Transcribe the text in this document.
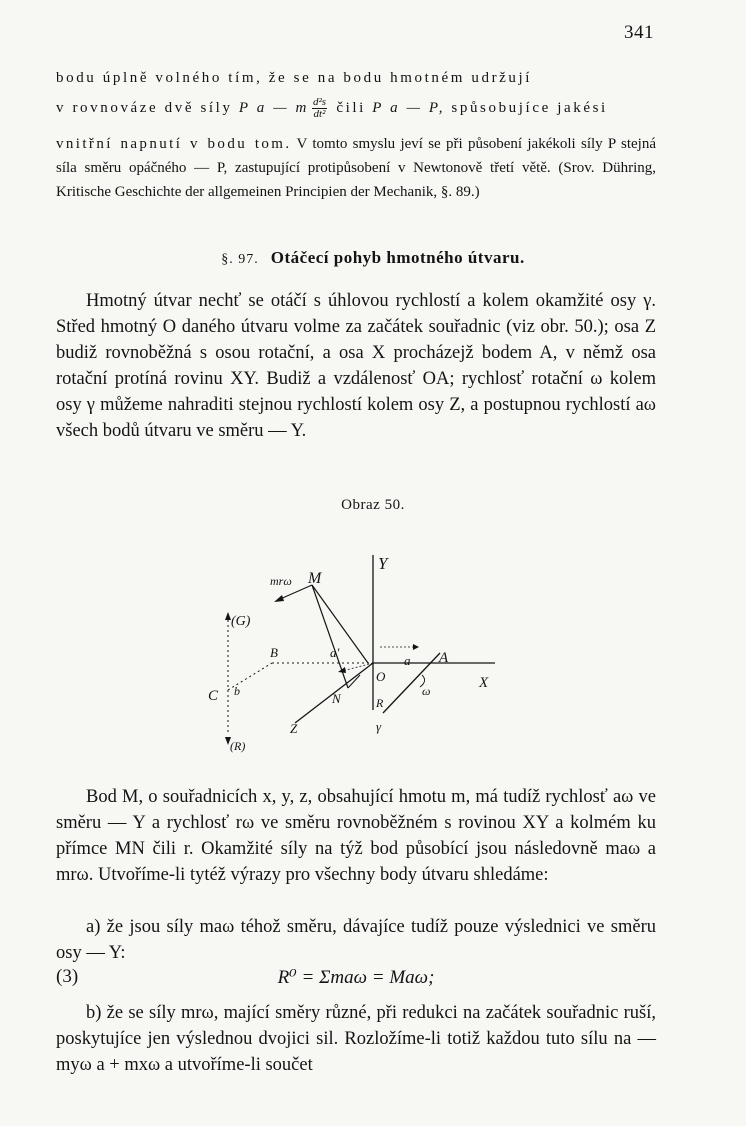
341
bodu úplně volného tím, že se na bodu hmotném udržují
v rovnováze dvě síly P a — m $\frac{\text{d²s}}{\text{dt²}}$ čili P a — P, spůsobujíce jakési

vnitřní napnutí v bodu tom. V tomto smyslu jeví se při působení jakékoli síly P stejná síla směru opáčného — P, zastupující protipůsobení v Newtonově třetí větě. (Srov. Dühring, Kritische Geschichte der allgemeinen Principien der Mechanik, §. 89.)

§. 97. Otáčecí pohyb hmotného útvaru.

Hmotný útvar nechť se otáčí s úhlovou rychlostí a kolem okamžité osy γ. Střed hmotný O daného útvaru volme za začátek souřadnic (viz obr. 50.); osa Z budiž rovnoběžná s osou rotační, a osa X procházejž bodem A, v němž osa rotační protíná rovinu XY. Budiž a vzdálenosť OA; rychlosť rotační ω kolem osy γ můžeme nahraditi stejnou rychlostí kolem osy Z, a postupnou rychlostí aω všech bodů útvaru ve směru — Y.

Obraz 50.
Y
mrω M
(G)
B	a'
a A
O	X
C b	N	R
ω
Z	γ
(R)

Bod M, o souřadnicích x, y, z, obsahující hmotu m, má tudíž rychlosť aω ve směru — Y a rychlosť rω ve směru rovnoběžném s rovinou XY a kolmém ku přímce MN čili r. Okamžité síly na týž bod působící jsou následovně maω a mrω. Utvoříme-li tytéž výrazy pro všechny body útvaru shledáme:

a) že jsou síly maω téhož směru, dávajíce tudíž pouze výslednici ve směru osy — Y:

(3)	R⁰ = Σmaω = Maω;

b) že se síly mrω, mající směry různé, při redukci na začátek souřadnic ruší, poskytujíce jen výslednou dvojici sil. Rozložíme-li totiž každou tuto sílu na — myω a + mxω a utvoříme-li součet
